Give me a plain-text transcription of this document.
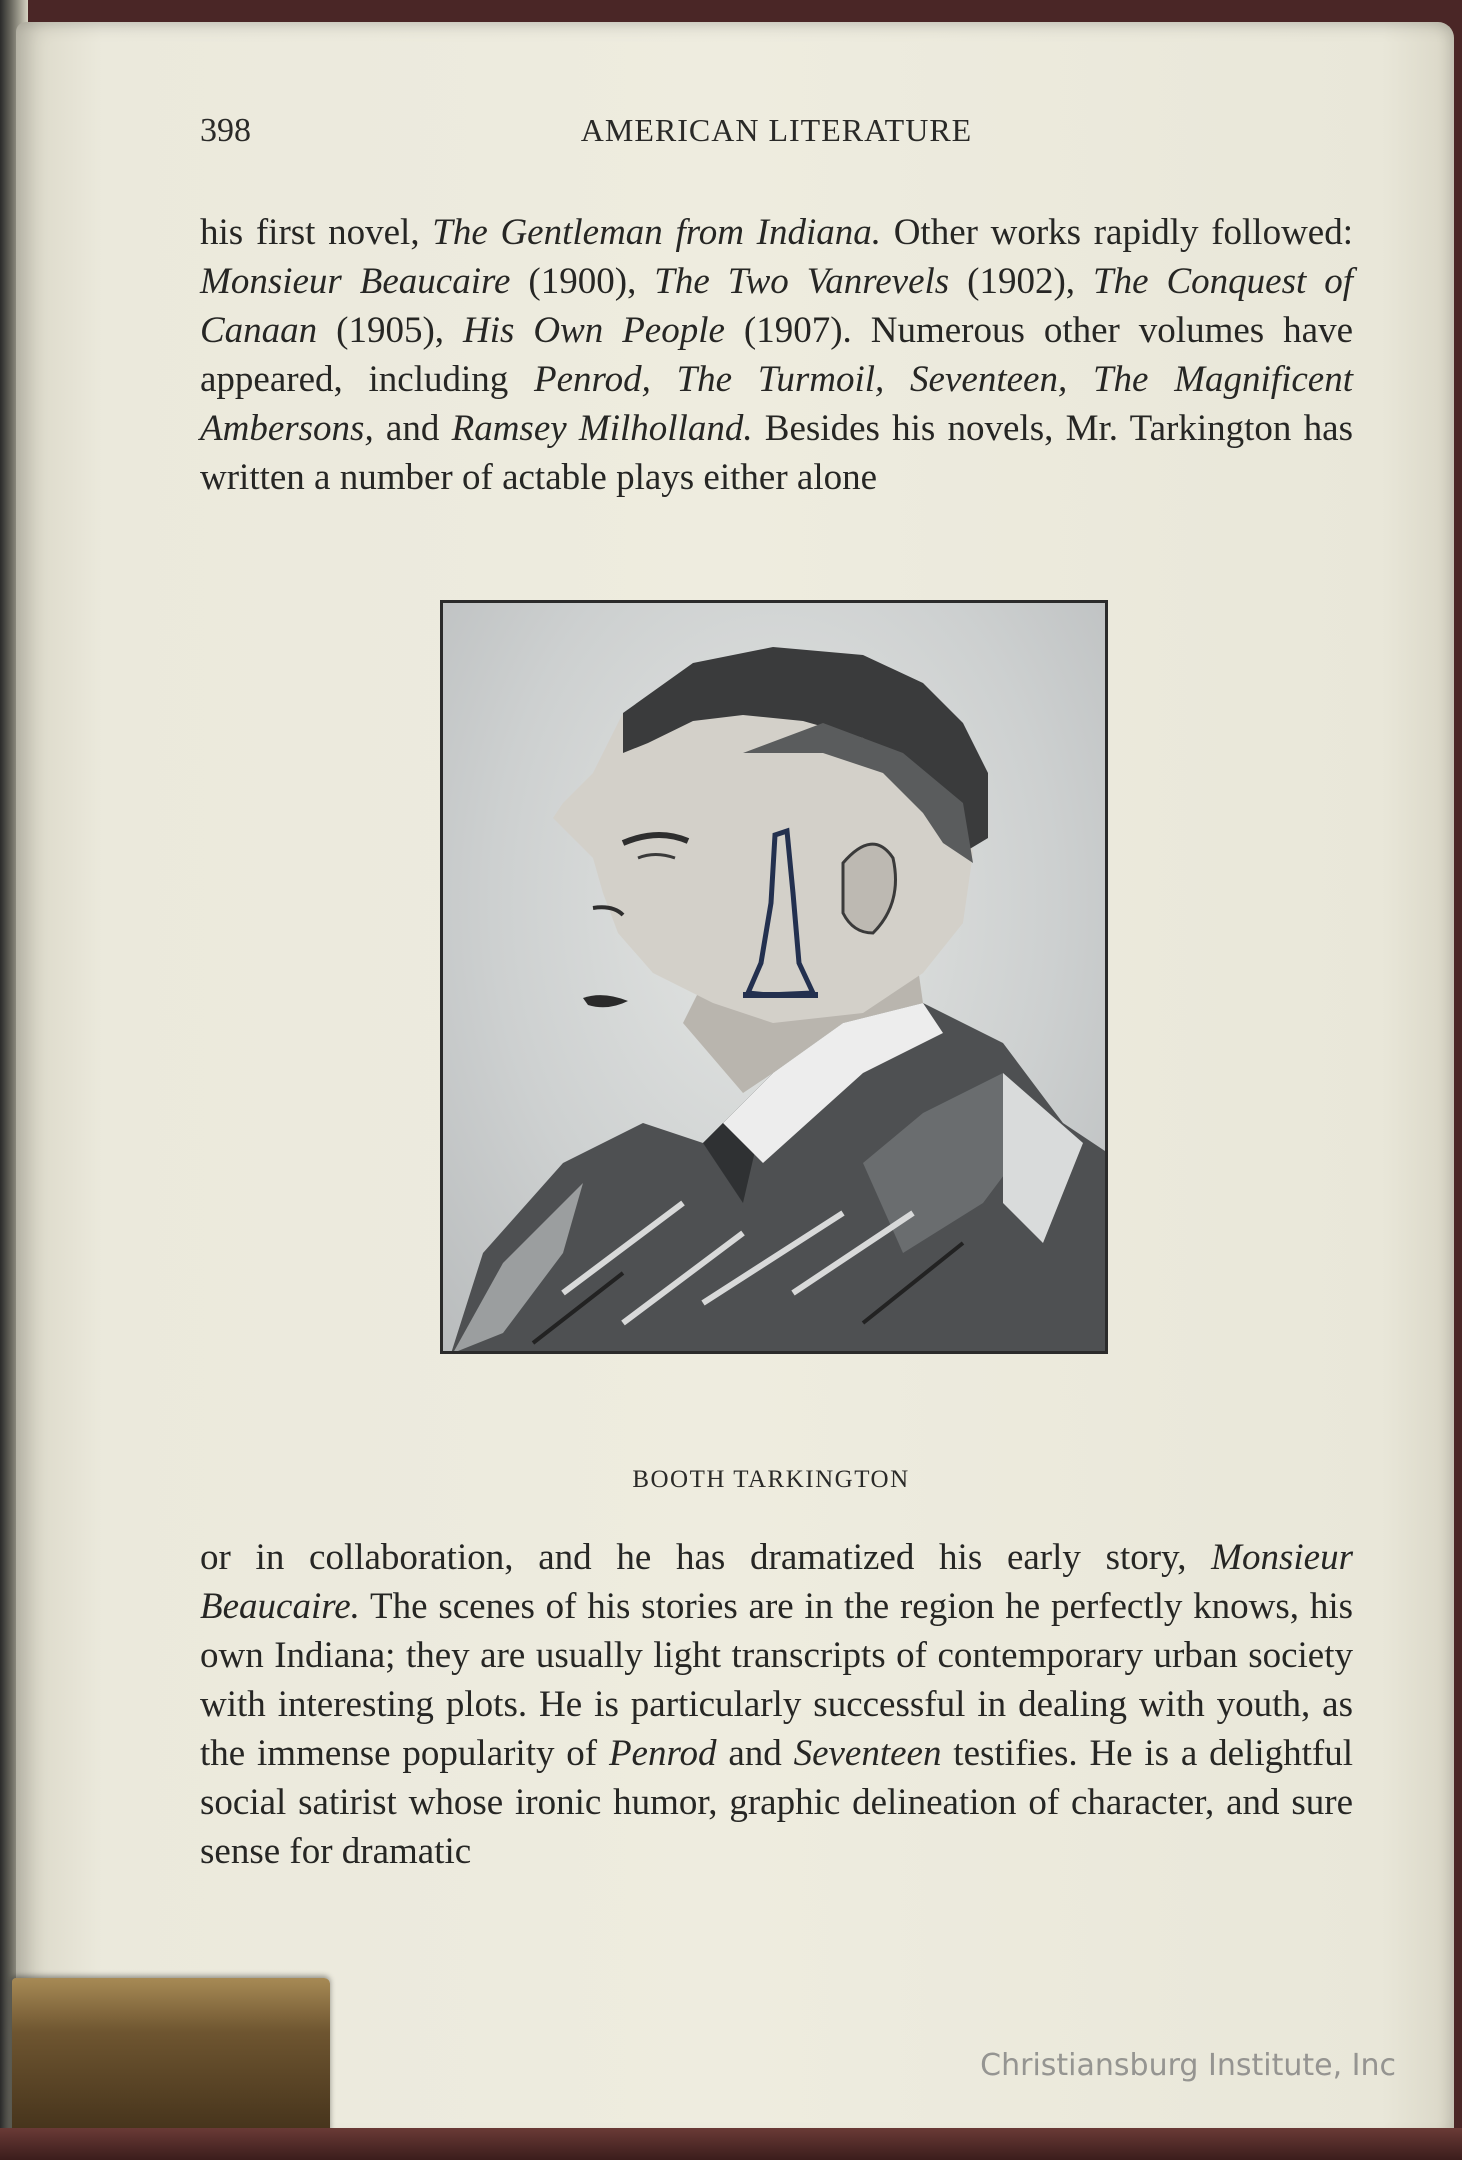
398	AMERICAN LITERATURE
his first novel, The Gentleman from Indiana. Other works rapidly followed: Monsieur Beaucaire (1900), The Two Vanrevels (1902), The Conquest of Canaan (1905), His Own People (1907). Numerous other volumes have appeared, including Penrod, The Turmoil, Seventeen, The Magnificent Ambersons, and Ramsey Milholland. Besides his novels, Mr. Tarkington has written a number of actable plays either alone
BOOTH TARKINGTON
or in collaboration, and he has dramatized his early story, Monsieur Beaucaire. The scenes of his stories are in the region he perfectly knows, his own Indiana; they are usually light transcripts of contemporary urban society with interesting plots. He is particularly successful in dealing with youth, as the immense popularity of Penrod and Seventeen testifies. He is a delightful social satirist whose ironic humor, graphic delineation of character, and sure sense for dramatic
Christiansburg Institute, Inc
